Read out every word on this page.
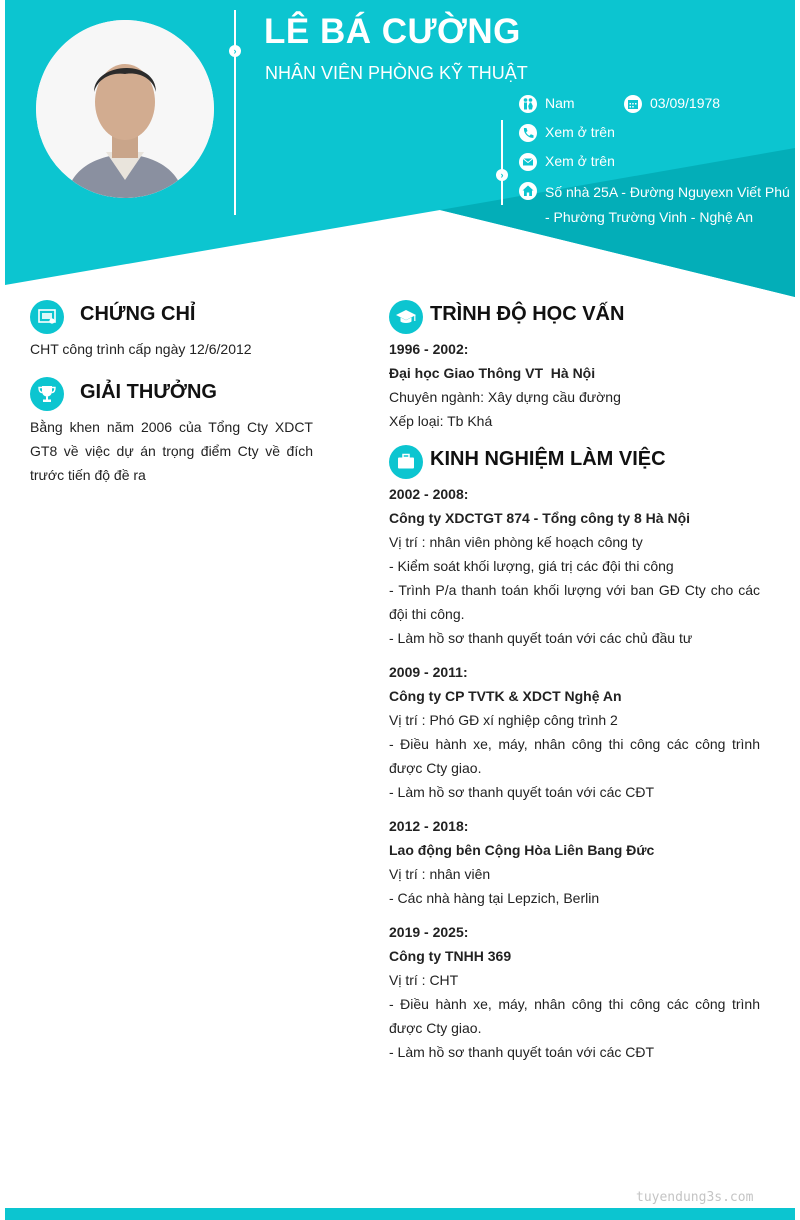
›
›
LÊ BÁ CƯỜNG
NHÂN VIÊN PHÒNG KỸ THUẬT
Nam	03/09/1978
Xem ở trên
Xem ở trên
Số nhà 25A - Đường Nguyexn Viết Phú - Phường Trường Vinh - Nghệ An
CHỨNG CHỈ
CHT công trình cấp ngày 12/6/2012
GIẢI THƯỞNG
Bằng khen năm 2006 của Tổng Cty XDCT GT8 về việc dự án trọng điểm Cty về đích trước tiến độ đề ra
TRÌNH ĐỘ HỌC VẤN
1996 - 2002:
Đại học Giao Thông VT  Hà Nội
Chuyên ngành: Xây dựng cầu đường
Xếp loại: Tb Khá
KINH NGHIỆM LÀM VIỆC
2002 - 2008:
Công ty XDCTGT 874 - Tổng công ty 8 Hà Nội
Vị trí : nhân viên phòng kế hoạch công ty
- Kiểm soát khối lượng, giá trị các đội thi công
- Trình P/a thanh toán khối lượng với ban GĐ Cty cho các đội thi công.
- Làm hồ sơ thanh quyết toán với các chủ đầu tư
2009 - 2011:
Công ty CP TVTK & XDCT Nghệ An
Vị trí : Phó GĐ xí nghiệp công trình 2
- Điều hành xe, máy, nhân công thi công các công trình được Cty giao.
- Làm hồ sơ thanh quyết toán với các CĐT
2012 - 2018:
Lao động bên Cộng Hòa Liên Bang Đức
Vị trí : nhân viên
- Các nhà hàng tại Lepzich, Berlin
2019 - 2025:
Công ty TNHH 369
Vị trí : CHT
- Điều hành xe, máy, nhân công thi công các công trình được Cty giao.
- Làm hồ sơ thanh quyết toán với các CĐT
tuyendung3s.com
